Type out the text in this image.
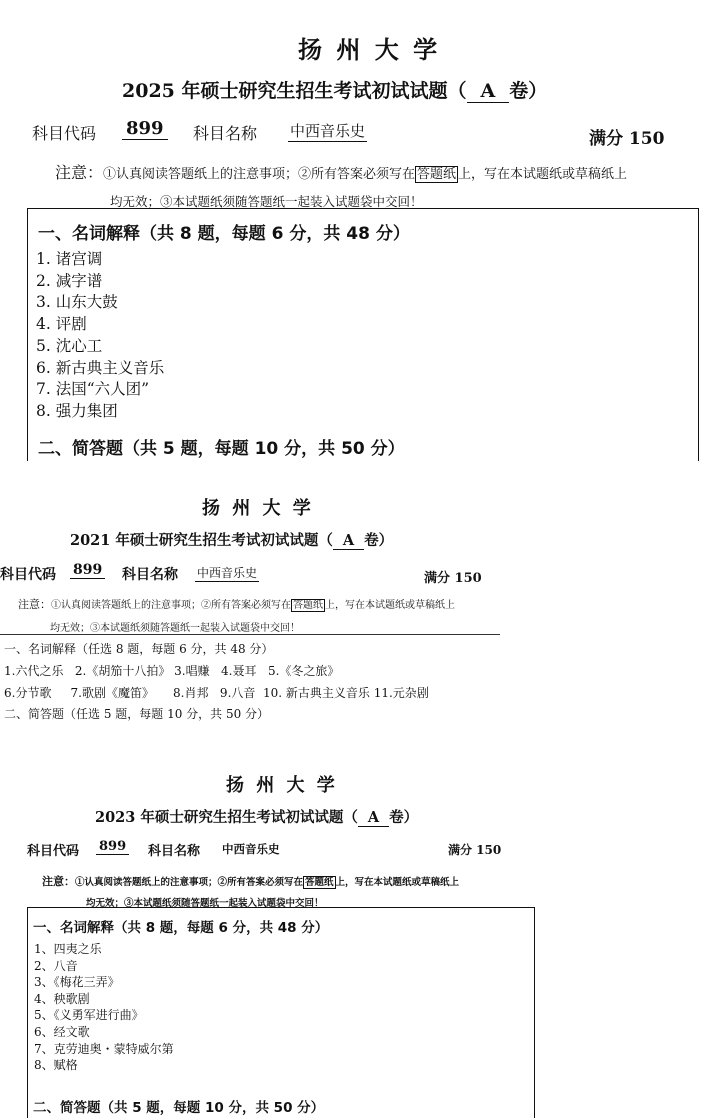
扬 州 大 学
2025 年硕士研究生招生考试初试试题（ A 卷）
科目代码 899 科目名称 中西音乐史	满分 150
注意：①认真阅读答题纸上的注意事项；②所有答案必须写在 答题纸 上，写在本试题纸或草稿纸上
均无效；③本试题纸须随答题纸一起装入试题袋中交回！
一、名词解释（共 8 题，每题 6 分，共 48 分）
1. 诸宫调
2. 减字谱
3. 山东大鼓
4. 评剧
5. 沈心工
6. 新古典主义音乐
7. 法国“六人团”
8. 强力集团
二、简答题（共 5 题，每题 10 分，共 50 分）
扬 州 大 学
2021 年硕士研究生招生考试初试试题（ A 卷）
科目代码 899 科目名称 中西音乐史	满分 150
注意：①认真阅读答题纸上的注意事项；②所有答案必须写在 答题纸 上，写在本试题纸或草稿纸上
均无效；③本试题纸须随答题纸一起装入试题袋中交回！
一、名词解释（任选 8 题，每题 6 分，共 48 分）
1.六代之乐   2.《胡笳十八拍》 3.唱赚   4.聂耳   5.《冬之旅》
6.分节歌     7.歌剧《魔笛》     8.肖邦   9.八音  10. 新古典主义音乐 11.元杂剧
二、简答题（任选 5 题，每题 10 分，共 50 分）
扬 州 大 学
2023 年硕士研究生招生考试初试试题（ A 卷）
科目代码 899 科目名称 中西音乐史	满分 150
注意：①认真阅读答题纸上的注意事项；②所有答案必须写在 答题纸 上，写在本试题纸或草稿纸上
均无效；③本试题纸须随答题纸一起装入试题袋中交回！
一、名词解释（共 8 题，每题 6 分，共 48 分）
1、四夷之乐
2、八音
3、《梅花三弄》
4、秧歌剧
5、《义勇军进行曲》
6、经文歌
7、克劳迪奥・蒙特威尔第
8、赋格
二、简答题（共 5 题，每题 10 分，共 50 分）
